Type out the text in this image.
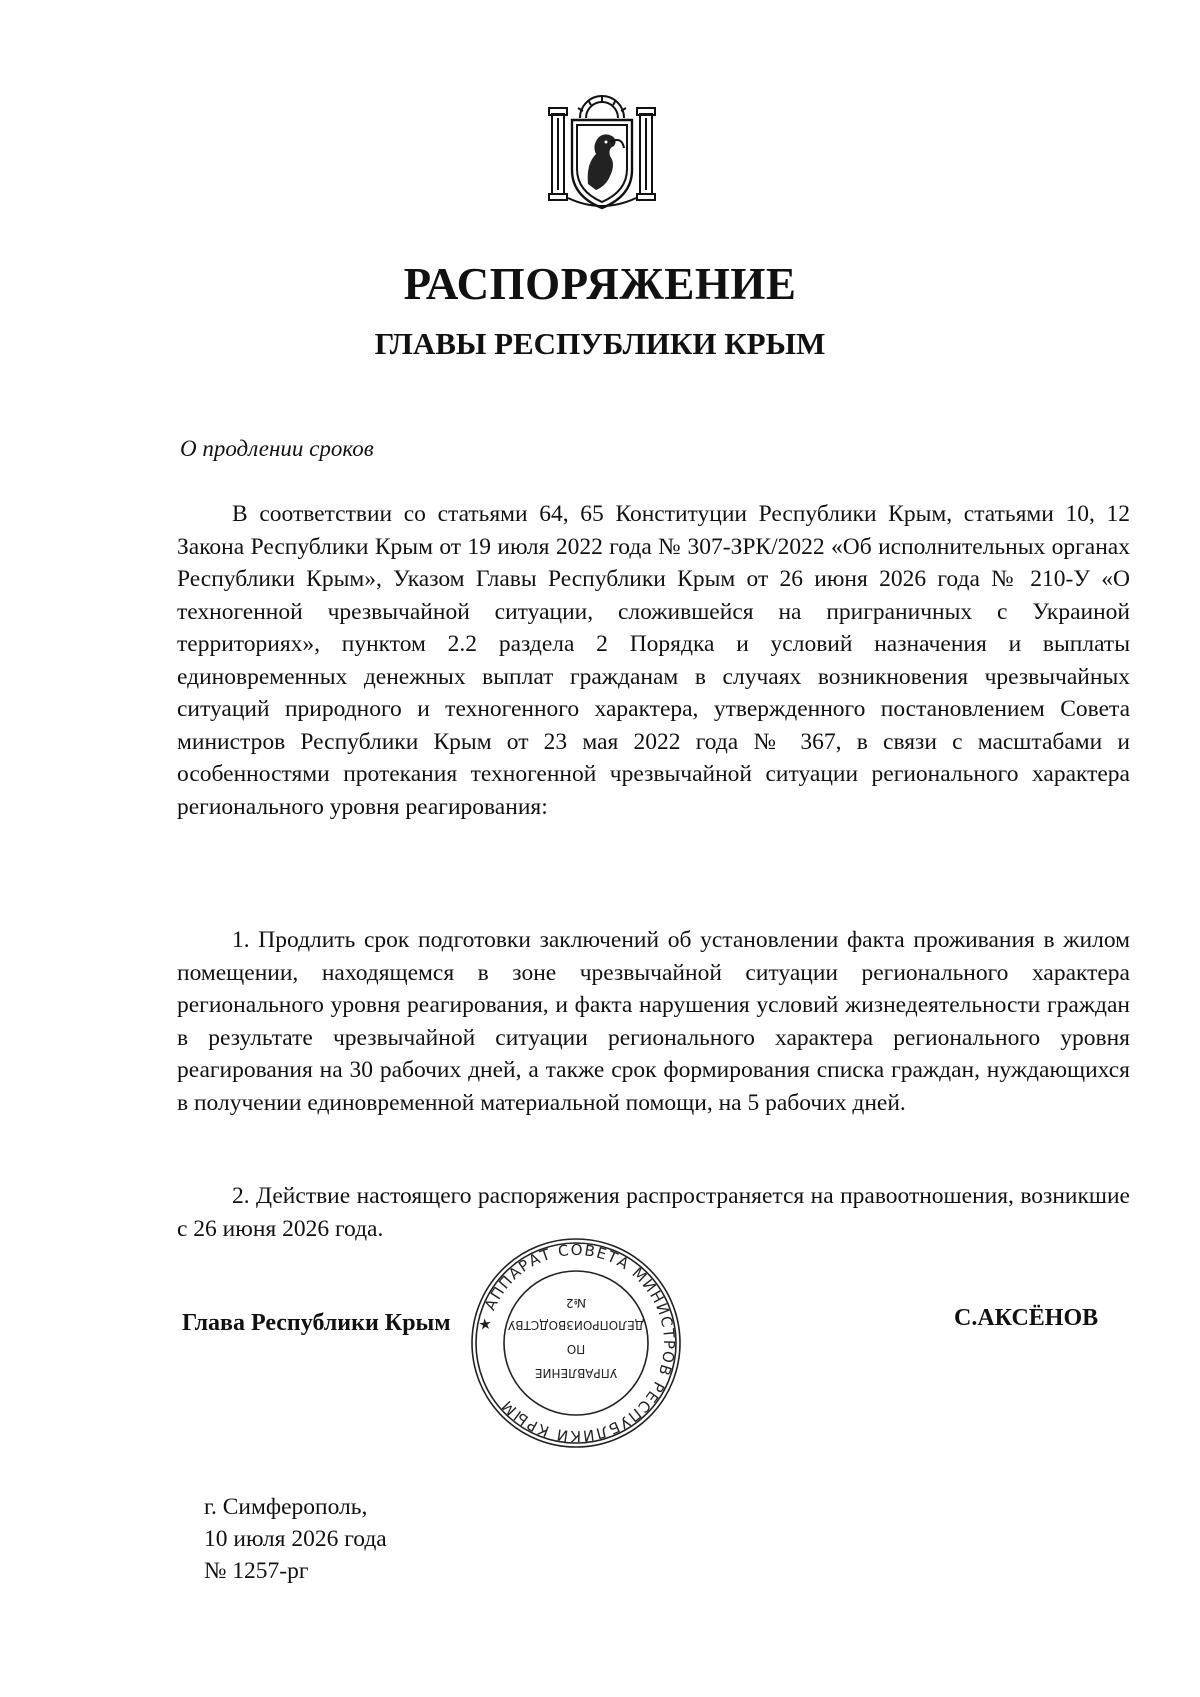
РАСПОРЯЖЕНИЕ
ГЛАВЫ РЕСПУБЛИКИ КРЫМ
О продлении сроков

В соответствии со статьями 64, 65 Конституции Республики Крым, статьями 10, 12 Закона Республики Крым от 19 июля 2022 года № 307-ЗРК/2022 «Об исполнительных органах Республики Крым», Указом Главы Республики Крым от 26 июня 2026 года № 210-У «О техногенной чрезвычайной ситуации, сложившейся на приграничных с Украиной территориях», пунктом 2.2 раздела 2 Порядка и условий назначения и выплаты единовременных денежных выплат гражданам в случаях возникновения чрезвычайных ситуаций природного и техногенного характера, утвержденного постановлением Совета министров Республики Крым от 23 мая 2022 года № 367, в связи с масштабами и особенностями протекания техногенной чрезвычайной ситуации регионального характера регионального уровня реагирования:

1. Продлить срок подготовки заключений об установлении факта проживания в жилом помещении, находящемся в зоне чрезвычайной ситуации регионального характера регионального уровня реагирования, и факта нарушения условий жизнедеятельности граждан в результате чрезвычайной ситуации регионального характера регионального уровня реагирования на 30 рабочих дней, а также срок формирования списка граждан, нуждающихся в получении единовременной материальной помощи, на 5 рабочих дней.

2. Действие настоящего распоряжения распространяется на правоотношения, возникшие с 26 июня 2026 года.

Глава Республики Крым	С.АКСЁНОВ
★ АППАРАТ СОВЕТА МИНИСТРОВ РЕСПУБЛИКИ КРЫМ
УПРАВЛЕНИЕ
ПО
ДЕЛОПРОИЗВОДСТВУ
№2
г. Симферополь,
10 июля 2026 года
№ 1257-рг
